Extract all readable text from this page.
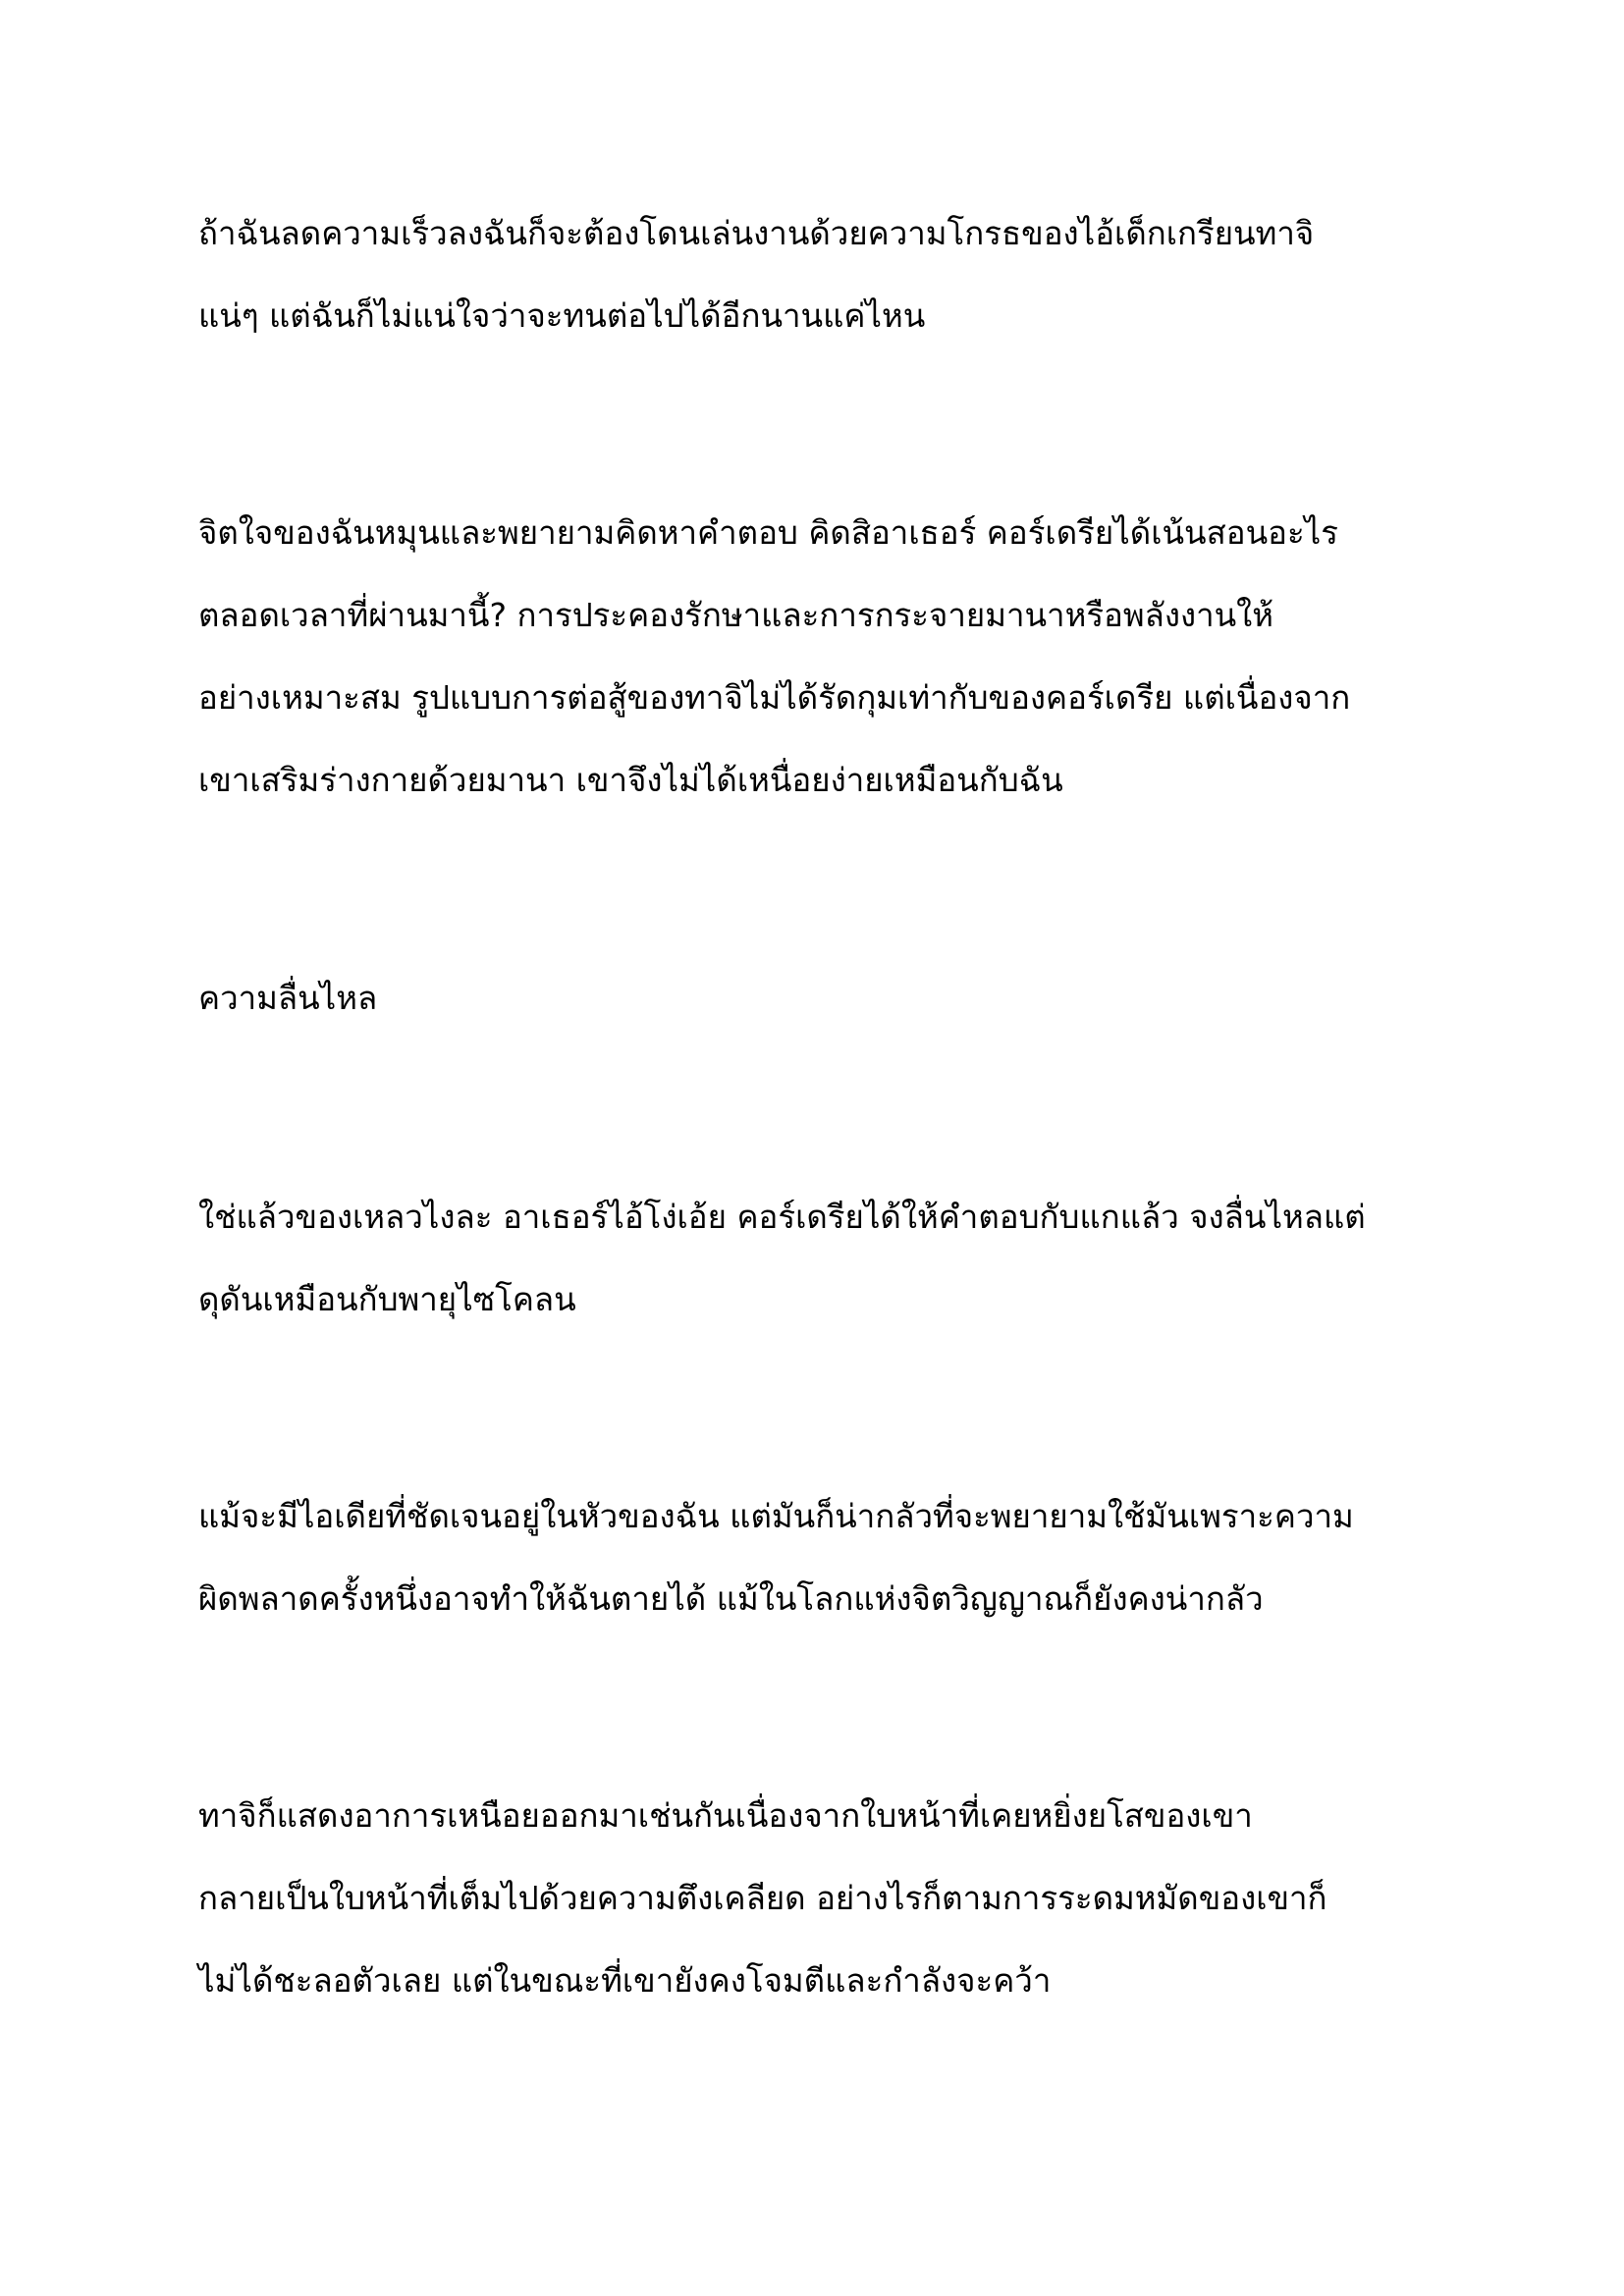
ถ้าฉันลดความเร็วลงฉันก็จะต้องโดนเล่นงานด้วยความโกรธของไอ้เด็กเกรียนทาจิ

แน่ๆ แต่ฉันก็ไม่แน่ใจว่าจะทนต่อไปได้อีกนานแค่ไหน

จิตใจของฉันหมุนและพยายามคิดหาคำตอบ คิดสิอาเธอร์ คอร์เดรียได้เน้นสอนอะไร

ตลอดเวลาที่ผ่านมานี้? การประคองรักษาและการกระจายมานาหรือพลังงานให้

อย่างเหมาะสม รูปแบบการต่อสู้ของทาจิไม่ได้รัดกุมเท่ากับของคอร์เดรีย แต่เนื่องจาก

เขาเสริมร่างกายด้วยมานา เขาจึงไม่ได้เหนื่อยง่ายเหมือนกับฉัน

ความลื่นไหล

ใช่แล้วของเหลวไงละ อาเธอร์ไอ้โง่เอ้ย คอร์เดรียได้ให้คำตอบกับแกแล้ว จงลื่นไหลแต่

ดุดันเหมือนกับพายุไซโคลน

แม้จะมีไอเดียที่ชัดเจนอยู่ในหัวของฉัน แต่มันก็น่ากลัวที่จะพยายามใช้มันเพราะความ

ผิดพลาดครั้งหนึ่งอาจทำให้ฉันตายได้ แม้ในโลกแห่งจิตวิญญาณก็ยังคงน่ากลัว

ทาจิก็แสดงอาการเหนือยออกมาเช่นกันเนื่องจากใบหน้าที่เคยหยิ่งยโสของเขา

กลายเป็นใบหน้าที่เต็มไปด้วยความตึงเคลียด อย่างไรก็ตามการระดมหมัดของเขาก็

ไม่ได้ชะลอตัวเลย แต่ในขณะที่เขายังคงโจมตีและกำลังจะคว้า
